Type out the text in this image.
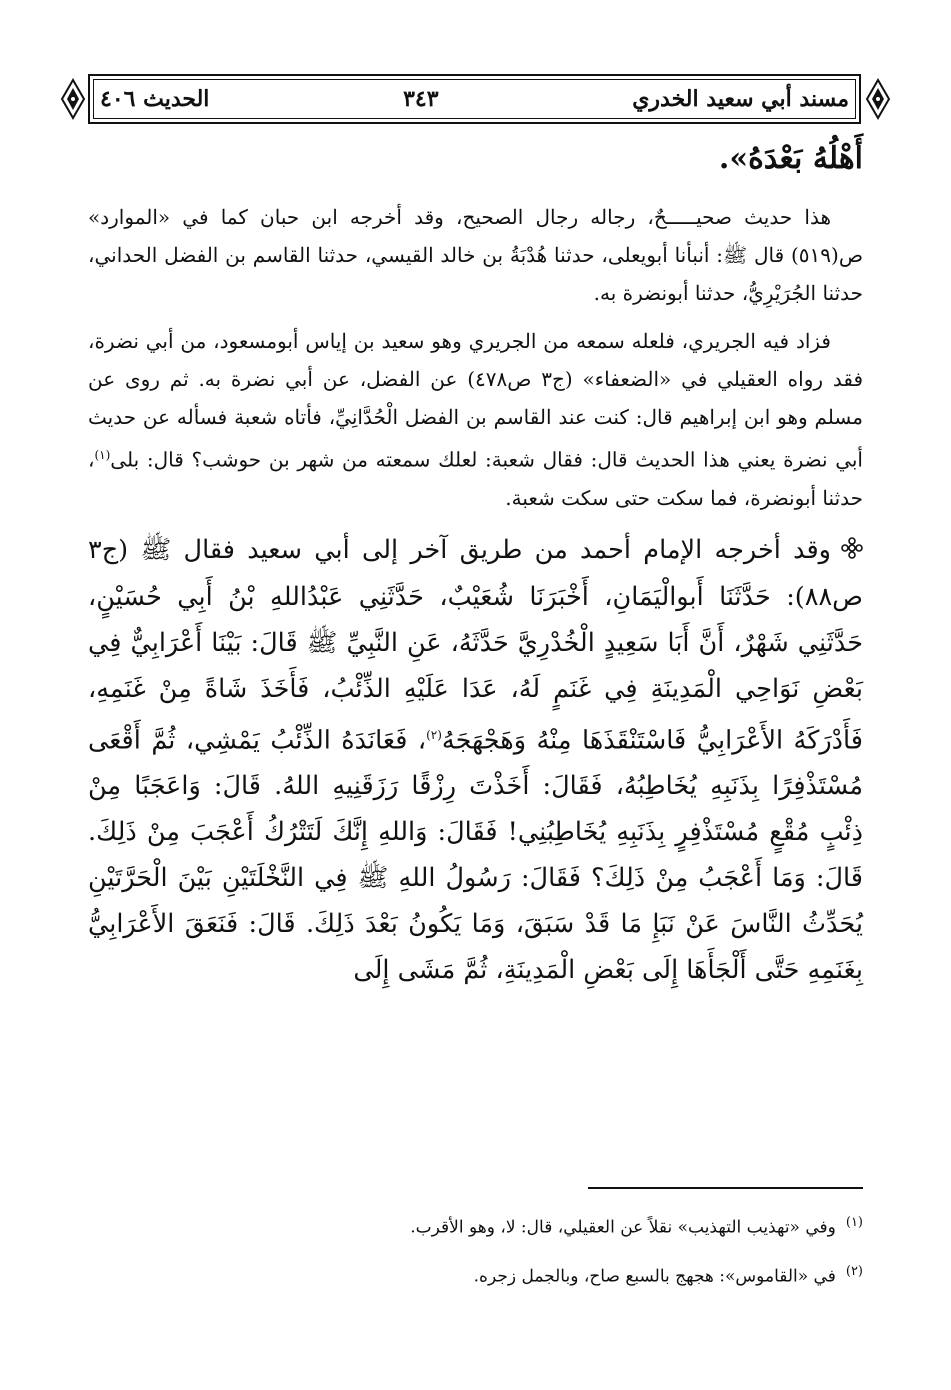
مسند أبي سعيد الخدري
٣٤٣
الحديث ٤٠٦

أَهْلُهُ بَعْدَهُ».

هذا حديث صحيـــــحٌ، رجاله رجال الصحيح، وقد أخرجه ابن حبان كما في «الموارد» ص(٥١٩) قال ﷺ: أنبأنا أبويعلى، حدثنا هُدْبَةُ بن خالد القيسي، حدثنا القاسم بن الفضل الحداني، حدثنا الجُرَيْرِيُّ، حدثنا أبونضرة به.

فزاد فيه الجريري، فلعله سمعه من الجريري وهو سعيد بن إياس أبومسعود، من أبي نضرة، فقد رواه العقيلي في «الضعفاء» (ج٣ ص٤٧٨) عن الفضل، عن أبي نضرة به. ثم روى عن مسلم وهو ابن إبراهيم قال: كنت عند القاسم بن الفضل الْحُدَّانِيِّ، فأتاه شعبة فسأله عن حديث أبي نضرة يعني هذا الحديث قال: فقال شعبة: لعلك سمعته من شهر بن حوشب؟ قال: بلى$^{(١)}$، حدثنا أبونضرة، فما سكت حتى سكت شعبة.

وقد أخرجه الإمام أحمد من طريق آخر إلى أبي سعيد فقال ﷺ (ج٣ ص٨٨): حَدَّثَنَا أَبوالْيَمَانِ، أَخْبَرَنَا شُعَيْبٌ، حَدَّثَنِي عَبْدُاللهِ بْنُ أَبِي حُسَيْنٍ، حَدَّثَنِي شَهْرٌ، أَنَّ أَبَا سَعِيدٍ الْخُدْرِيَّ حَدَّثَهُ، عَنِ النَّبِيِّ ﷺ قَالَ: بَيْنَا أَعْرَابِيٌّ فِي بَعْضِ نَوَاحِي الْمَدِينَةِ فِي غَنَمٍ لَهُ، عَدَا عَلَيْهِ الذِّئْبُ، فَأَخَذَ شَاةً مِنْ غَنَمِهِ، فَأَدْرَكَهُ الأَعْرَابِيُّ فَاسْتَنْقَذَهَا مِنْهُ وَهَجْهَجَهُ$^{(٢)}$، فَعَانَدَهُ الذِّئْبُ يَمْشِي، ثُمَّ أَقْعَى مُسْتَذْفِرًا بِذَنَبِهِ يُخَاطِبُهُ، فَقَالَ: أَخَذْتَ رِزْقًا رَزَقَنِيهِ اللهُ. قَالَ: وَاعَجَبًا مِنْ ذِئْبٍ مُقْعٍ مُسْتَذْفِرٍ بِذَنَبِهِ يُخَاطِبُنِي! فَقَالَ: وَاللهِ إِنَّكَ لَتَتْرُكُ أَعْجَبَ مِنْ ذَلِكَ. قَالَ: وَمَا أَعْجَبُ مِنْ ذَلِكَ؟ فَقَالَ: رَسُولُ اللهِ ﷺ فِي النَّخْلَتَيْنِ بَيْنَ الْحَرَّتَيْنِ يُحَدِّثُ النَّاسَ عَنْ نَبَإِ مَا قَدْ سَبَقَ، وَمَا يَكُونُ بَعْدَ ذَلِكَ. قَالَ: فَنَعَقَ الأَعْرَابِيُّ بِغَنَمِهِ حَتَّى أَلْجَأَهَا إِلَى بَعْضِ الْمَدِينَةِ، ثُمَّ مَشَى إِلَى

$^{(١)}$وفي «تهذيب التهذيب» نقلاً عن العقيلي، قال: لا، وهو الأقرب.

$^{(٢)}$في «القاموس»: هجهج بالسبع صاح، وبالجمل زجره.
